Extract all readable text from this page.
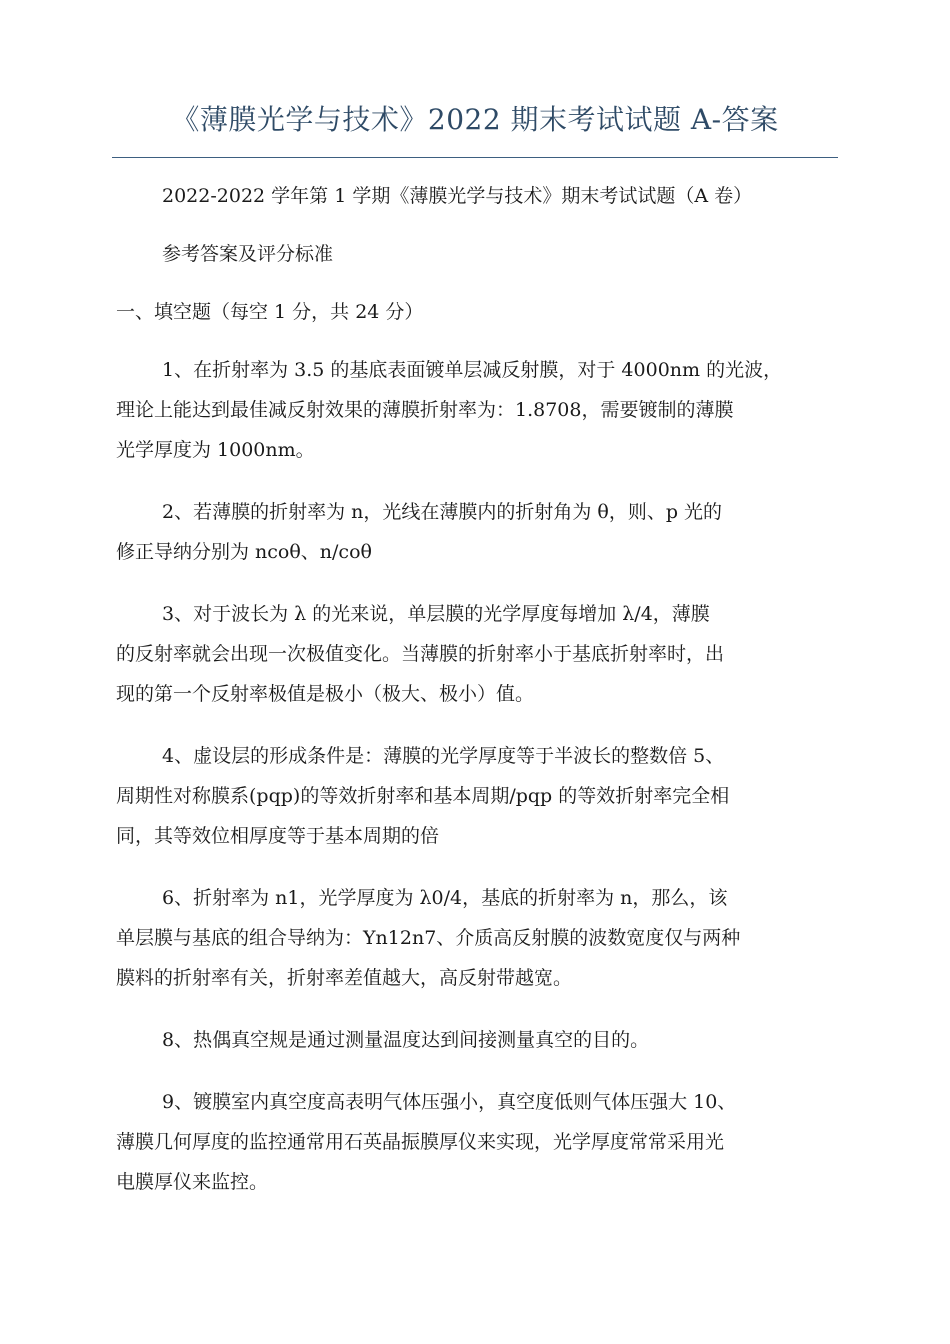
《薄膜光学与技术》2022 期末考试试题 A-答案

2022-2022 学年第 1 学期《薄膜光学与技术》期末考试试题（A 卷）

参考答案及评分标准

一、填空题（每空 1 分，共 24 分）

1、在折射率为 3.5 的基底表面镀单层减反射膜，对于 4000nm 的光波，

理论上能达到最佳减反射效果的薄膜折射率为：1.8708，需要镀制的薄膜

光学厚度为 1000nm。

2、若薄膜的折射率为 n，光线在薄膜内的折射角为 θ，则、p 光的

修正导纳分别为 ncoθ、n/coθ

3、对于波长为 λ 的光来说，单层膜的光学厚度每增加 λ/4，薄膜

的反射率就会出现一次极值变化。当薄膜的折射率小于基底折射率时，出

现的第一个反射率极值是极小（极大、极小）值。

4、虚设层的形成条件是：薄膜的光学厚度等于半波长的整数倍 5、

周期性对称膜系(pqp)的等效折射率和基本周期/pqp 的等效折射率完全相

同，其等效位相厚度等于基本周期的倍

6、折射率为 n1，光学厚度为 λ0/4，基底的折射率为 n，那么，该

单层膜与基底的组合导纳为：Yn12n7、介质高反射膜的波数宽度仅与两种

膜料的折射率有关，折射率差值越大，高反射带越宽。

8、热偶真空规是通过测量温度达到间接测量真空的目的。

9、镀膜室内真空度高表明气体压强小，真空度低则气体压强大 10、

薄膜几何厚度的监控通常用石英晶振膜厚仪来实现，光学厚度常常采用光

电膜厚仪来监控。
